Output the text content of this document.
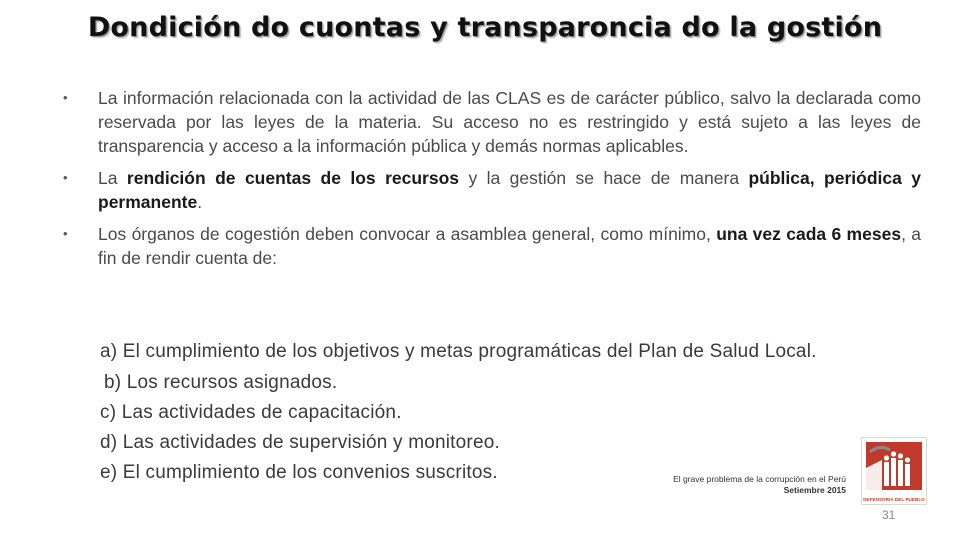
Dondición do cuontas y transparoncia do la gostión
• La información relacionada con la actividad de las CLAS es de carácter público, salvo la declarada como reservada por las leyes de la materia. Su acceso no es restringido y está sujeto a las leyes de transparencia y acceso a la información pública y demás normas aplicables.
• La rendición de cuentas de los recursos y la gestión se hace de manera pública, periódica y permanente.
• Los órganos de cogestión deben convocar a asamblea general, como mínimo, una vez cada 6 meses, a fin de rendir cuenta de:
a) El cumplimiento de los objetivos y metas programáticas del Plan de Salud Local.
b) Los recursos asignados.
c) Las actividades de capacitación.
d) Las actividades de supervisión y monitoreo.
e) El cumplimiento de los convenios suscritos.	El grave problema de la corrupción en el Perú
Setiembre 2015
DEFENSORÍA DEL PUEBLO
31
